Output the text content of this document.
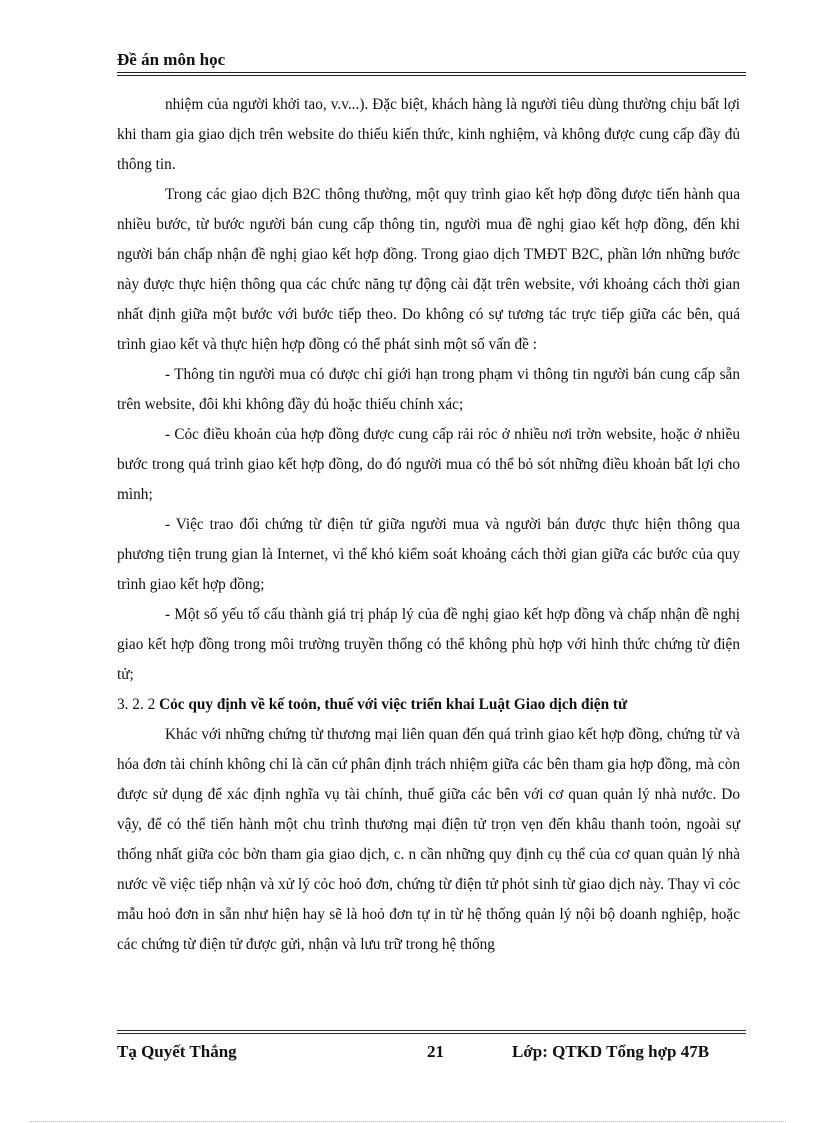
Đề án môn học

nhiệm của người khởi tao, v.v...). Đặc biệt, khách hàng là người tiêu dùng thường chịu bất lợi khi tham gia giao dịch trên website do thiếu kiến thức, kinh nghiệm, và không được cung cấp đầy đủ thông tin.

Trong các giao dịch B2C thông thường, một quy trình giao kết hợp đồng được tiến hành qua nhiều bước, từ bước người bán cung cấp thông tin, người mua đề nghị giao kết hợp đồng, đến khi người bán chấp nhận đề nghị giao kết hợp đồng. Trong giao dịch TMĐT B2C, phần lớn những bước này được thực hiện thông qua các chức năng tự động cài đặt trên website, với khoảng cách thời gian nhất định giữa một bước với bước tiếp theo. Do không có sự tương tác trực tiếp giữa các bên, quá trình giao kết và thực hiện hợp đồng có thể phát sinh một số vấn đề :

- Thông tin người mua có được chỉ giới hạn trong phạm vi thông tin người bán cung cấp sẵn trên website, đôi khi không đầy đủ hoặc thiếu chính xác;

- Cỏc điều khoản của hợp đồng được cung cấp rải rỏc ở nhiều nơi trờn website, hoặc ở nhiều bước trong quá trình giao kết hợp đồng, do đó người mua có thể bỏ sót những điều khoản bất lợi cho mình;

- Việc trao đổi chứng từ điện tử giữa người mua và người bán được thực hiện thông qua phương tiện trung gian là Internet, vì thế khó kiểm soát khoảng cách thời gian giữa các bước của quy trình giao kết hợp đồng;

- Một số yếu tố cấu thành giá trị pháp lý của đề nghị giao kết hợp đồng và chấp nhận đề nghị giao kết hợp đồng trong môi trường truyền thống có thể không phù hợp với hình thức chứng từ điện tử;

3. 2. 2 Cỏc quy định về kế toỏn, thuế với việc triển khai Luật Giao dịch điện tử

Khác với những chứng từ thương mại liên quan đến quá trình giao kết hợp đồng, chứng từ và hóa đơn tài chính không chỉ là căn cứ phân định trách nhiệm giữa các bên tham gia hợp đồng, mà còn được sử dụng để xác định nghĩa vụ tài chính, thuế giữa các bên với cơ quan quản lý nhà nước. Do vậy, để có thể tiến hành một chu trình thương mại điện tử trọn vẹn đến khâu thanh toỏn, ngoài sự thống nhất giữa cỏc bờn tham gia giao dịch, c. n cần những quy định cụ thể của cơ quan quản lý nhà nước về việc tiếp nhận và xử lý cỏc hoỏ đơn, chứng từ điện tử phỏt sinh từ giao dịch này. Thay vì cỏc mẫu hoỏ đơn in sẵn như hiện hay sẽ là hoỏ đơn tự in từ hệ thống quản lý nội bộ doanh nghiệp, hoặc các chứng từ điện tử được gửi, nhận và lưu trữ trong hệ thống

Tạ Quyết Thắng	21	Lớp: QTKD Tổng hợp 47B
